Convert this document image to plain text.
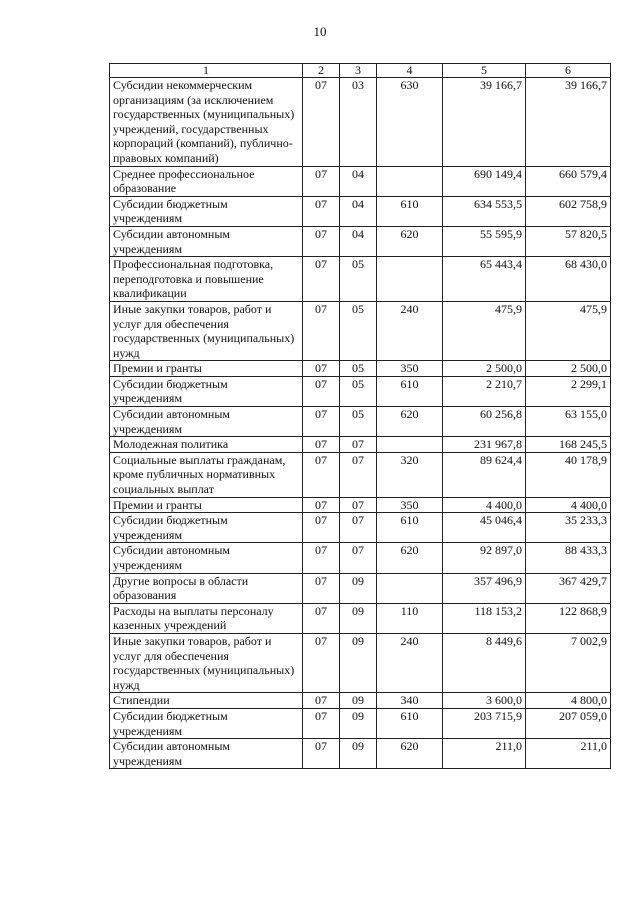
10
1	2	3	4	5	6
Субсидии некоммерческим организациям (за исключением государственных (муниципальных) учреждений, государственных корпораций (компаний), публично-правовых компаний)	07	03	630	39 166,7	39 166,7
Среднее профессиональное образование	07	04		690 149,4	660 579,4
Субсидии бюджетным учреждениям	07	04	610	634 553,5	602 758,9
Субсидии автономным учреждениям	07	04	620	55 595,9	57 820,5
Профессиональная подготовка, переподготовка и повышение квалификации	07	05		65 443,4	68 430,0
Иные закупки товаров, работ и услуг для обеспечения государственных (муниципальных) нужд	07	05	240	475,9	475,9
Премии и гранты	07	05	350	2 500,0	2 500,0
Субсидии бюджетным учреждениям	07	05	610	2 210,7	2 299,1
Субсидии автономным учреждениям	07	05	620	60 256,8	63 155,0
Молодежная политика	07	07		231 967,8	168 245,5
Социальные выплаты гражданам, кроме публичных нормативных социальных выплат	07	07	320	89 624,4	40 178,9
Премии и гранты	07	07	350	4 400,0	4 400,0
Субсидии бюджетным учреждениям	07	07	610	45 046,4	35 233,3
Субсидии автономным учреждениям	07	07	620	92 897,0	88 433,3
Другие вопросы в области образования	07	09		357 496,9	367 429,7
Расходы на выплаты персоналу казенных учреждений	07	09	110	118 153,2	122 868,9
Иные закупки товаров, работ и услуг для обеспечения государственных (муниципальных) нужд	07	09	240	8 449,6	7 002,9
Стипендии	07	09	340	3 600,0	4 800,0
Субсидии бюджетным учреждениям	07	09	610	203 715,9	207 059,0
Субсидии автономным учреждениям	07	09	620	211,0	211,0
